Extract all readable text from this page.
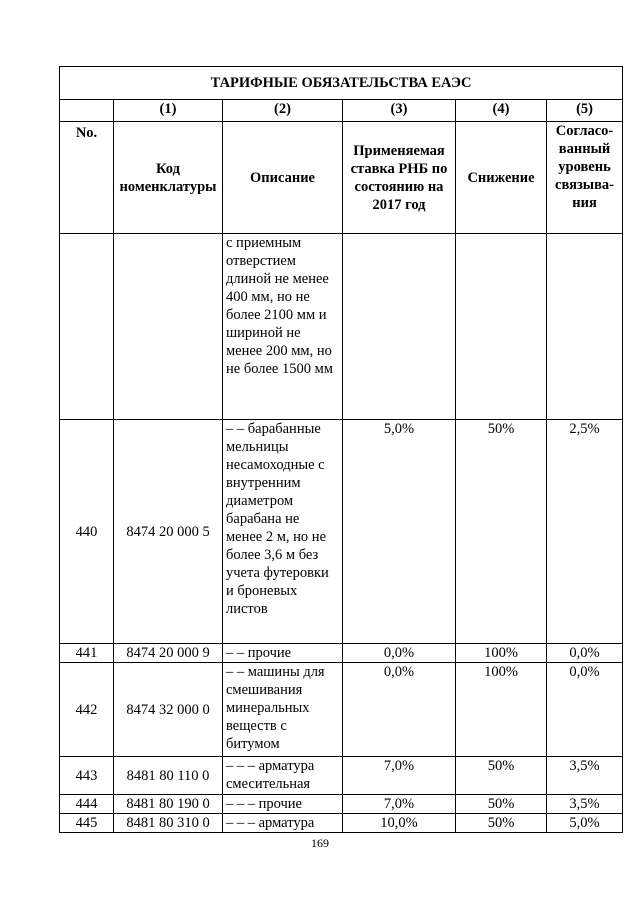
ТАРИФНЫЕ ОБЯЗАТЕЛЬСТВА ЕАЭС					
	(1)	(2)	(3)	(4)	(5)
No.	Код номенклатуры	Описание	Применяемая ставка РНБ по состоянию на 2017 год	Снижение	Согласо-ванный уровень связыва-ния
		с приемным отверстием длиной не менее 400 мм, но не более 2100 мм и шириной не менее 200 мм, но не более 1500 мм			
440	8474 20 000 5	– – барабанные мельницы несамоходные с внутренним диаметром барабана не менее 2 м, но не более 3,6 м без учета футеровки и броневых листов	5,0%	50%	2,5%
441	8474 20 000 9	– – прочие	0,0%	100%	0,0%
442	8474 32 000 0	– – машины для смешивания минеральных веществ с битумом	0,0%	100%	0,0%
443	8481 80 110 0	– – – арматура смесительная	7,0%	50%	3,5%
444	8481 80 190 0	– – – прочие	7,0%	50%	3,5%
445	8481 80 310 0	– – – арматура	10,0%	50%	5,0%
169
